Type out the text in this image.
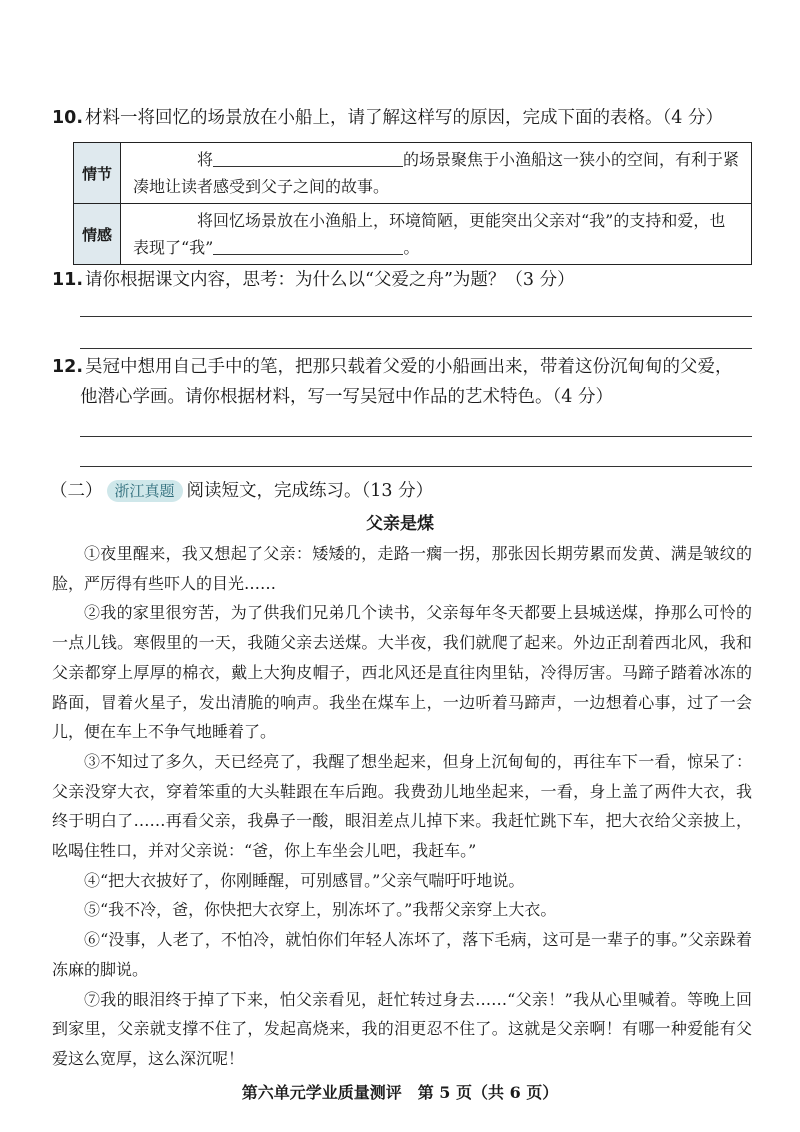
10. 材料一将回忆的场景放在小船上，请了解这样写的原因，完成下面的表格。（4 分）
情节	将 的场景聚焦于小渔船这一狭小的空间，有利于紧凑地让读者感受到父子之间的故事。
情感	将回忆场景放在小渔船上，环境简陋，更能突出父亲对“我”的支持和爱，也表现了“我” 。
11. 请你根据课文内容，思考：为什么以“父爱之舟”为题？（3 分）
12. 吴冠中想用自己手中的笔，把那只载着父爱的小船画出来，带着这份沉甸甸的父爱，
他潜心学画。请你根据材料，写一写吴冠中作品的艺术特色。（4 分）
（二） 浙江真题 阅读短文，完成练习。（13 分）
父亲是煤

①夜里醒来，我又想起了父亲：矮矮的，走路一瘸一拐，那张因长期劳累而发黄、满是皱纹的脸，严厉得有些吓人的目光……

②我的家里很穷苦，为了供我们兄弟几个读书，父亲每年冬天都要上县城送煤，挣那么可怜的一点儿钱。寒假里的一天，我随父亲去送煤。大半夜，我们就爬了起来。外边正刮着西北风，我和父亲都穿上厚厚的棉衣，戴上大狗皮帽子，西北风还是直往肉里钻，冷得厉害。马蹄子踏着冰冻的路面，冒着火星子，发出清脆的响声。我坐在煤车上，一边听着马蹄声，一边想着心事，过了一会儿，便在车上不争气地睡着了。

③不知过了多久，天已经亮了，我醒了想坐起来，但身上沉甸甸的，再往车下一看，惊呆了：父亲没穿大衣，穿着笨重的大头鞋跟在车后跑。我费劲儿地坐起来，一看，身上盖了两件大衣，我终于明白了……再看父亲，我鼻子一酸，眼泪差点儿掉下来。我赶忙跳下车，把大衣给父亲披上，吆喝住牲口，并对父亲说：“爸，你上车坐会儿吧，我赶车。”

④“把大衣披好了，你刚睡醒，可别感冒。”父亲气喘吁吁地说。

⑤“我不冷，爸，你快把大衣穿上，别冻坏了。”我帮父亲穿上大衣。

⑥“没事，人老了，不怕冷，就怕你们年轻人冻坏了，落下毛病，这可是一辈子的事。”父亲跺着冻麻的脚说。

⑦我的眼泪终于掉了下来，怕父亲看见，赶忙转过身去……“父亲！”我从心里喊着。等晚上回到家里，父亲就支撑不住了，发起高烧来，我的泪更忍不住了。这就是父亲啊！有哪一种爱能有父爱这么宽厚，这么深沉呢！

第六单元学业质量测评　第 5 页（共 6 页）
